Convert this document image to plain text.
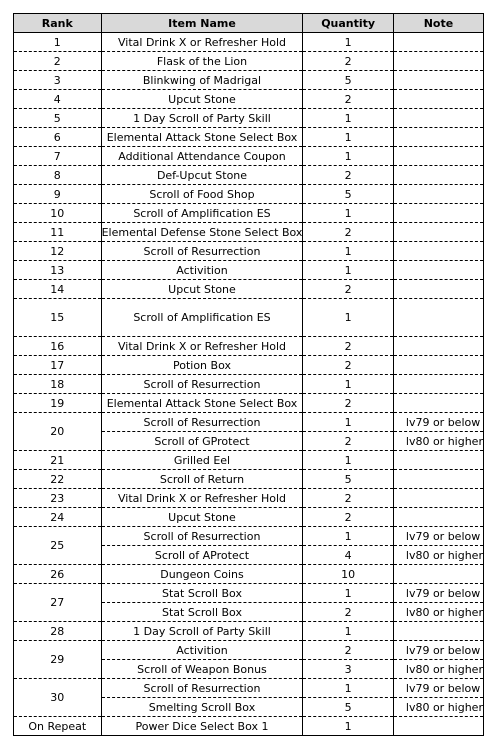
Rank	Item Name	Quantity	Note
1	Vital Drink X or Refresher Hold	1	
2	Flask of the Lion	2	
3	Blinkwing of Madrigal	5	
4	Upcut Stone	2	
5	1 Day Scroll of Party Skill	1	
6	Elemental Attack Stone Select Box	1	
7	Additional Attendance Coupon	1	
8	Def-Upcut Stone	2	
9	Scroll of Food Shop	5	
10	Scroll of Amplification ES	1	
11	Elemental Defense Stone Select Box	2	
12	Scroll of Resurrection	1	
13	Activition	1	
14	Upcut Stone	2	
15	Scroll of Amplification ES	1	
16	Vital Drink X or Refresher Hold	2	
17	Potion Box	2	
18	Scroll of Resurrection	1	
19	Elemental Attack Stone Select Box	2	
20	Scroll of Resurrection	1	lv79 or below
	Scroll of GProtect	2	lv80 or higher
21	Grilled Eel	1	
22	Scroll of Return	5	
23	Vital Drink X or Refresher Hold	2	
24	Upcut Stone	2	
25	Scroll of Resurrection	1	lv79 or below
	Scroll of AProtect	4	lv80 or higher
26	Dungeon Coins	10	
27	Stat Scroll Box	1	lv79 or below
	Stat Scroll Box	2	lv80 or higher
28	1 Day Scroll of Party Skill	1	
29	Activition	2	lv79 or below
	Scroll of Weapon Bonus	3	lv80 or higher
30	Scroll of Resurrection	1	lv79 or below
	Smelting Scroll Box	5	lv80 or higher
On Repeat	Power Dice Select Box 1	1	
